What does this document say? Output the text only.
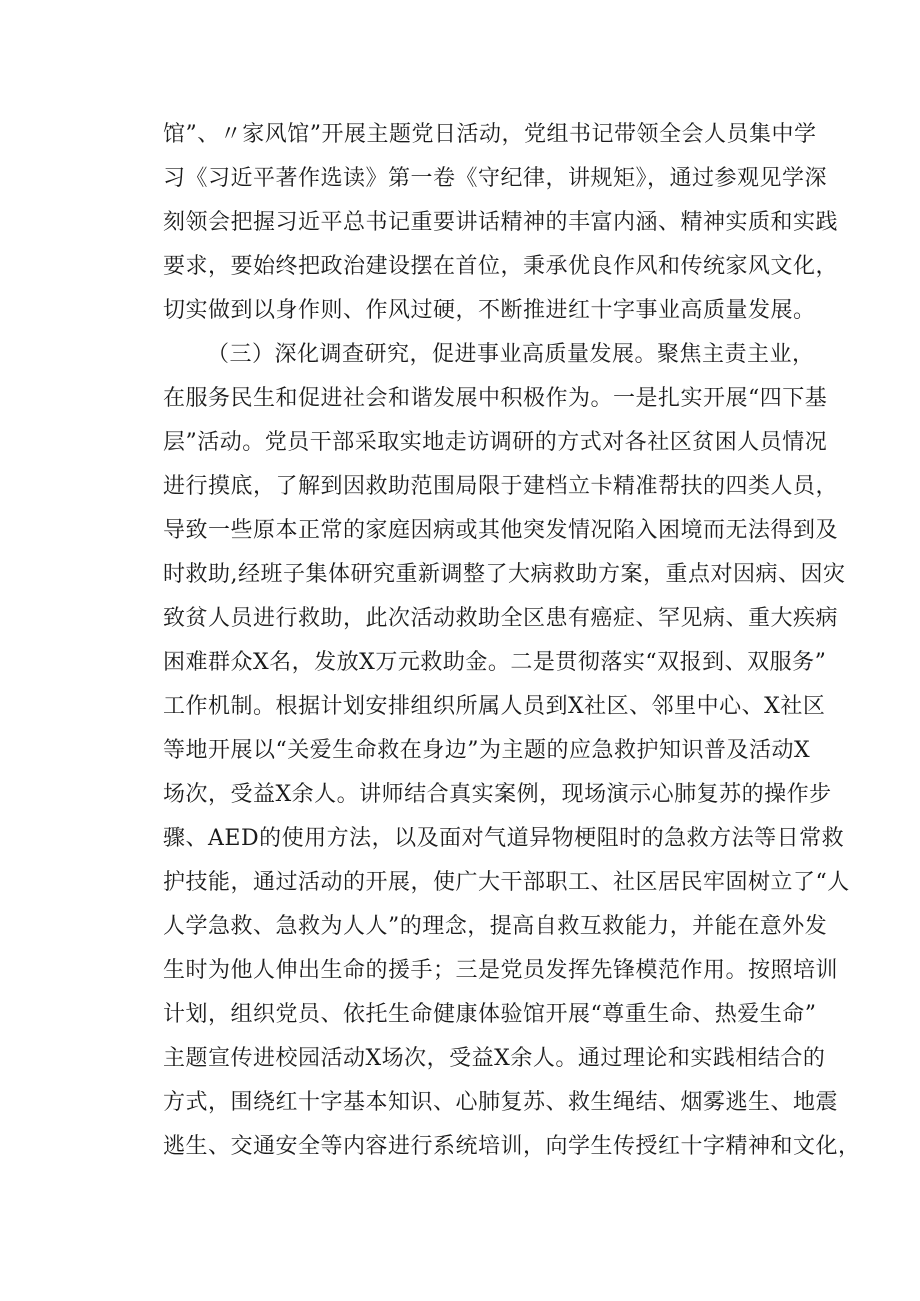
馆”、〃家风馆”开展主题党日活动，党组书记带领全会人员集中学
习《习近平著作选读》第一卷《守纪律，讲规矩》，通过参观见学深
刻领会把握习近平总书记重要讲话精神的丰富内涵、精神实质和实践
要求，要始终把政治建设摆在首位，秉承优良作风和传统家风文化，
切实做到以身作则、作风过硬，不断推进红十字事业高质量发展。
（三）深化调查研究，促进事业高质量发展。聚焦主责主业，
在服务民生和促进社会和谐发展中积极作为。一是扎实开展“四下基
层”活动。党员干部采取实地走访调研的方式对各社区贫困人员情况
进行摸底，了解到因救助范围局限于建档立卡精准帮扶的四类人员，
导致一些原本正常的家庭因病或其他突发情况陷入困境而无法得到及
时救助,经班子集体研究重新调整了大病救助方案，重点对因病、因灾
致贫人员进行救助，此次活动救助全区患有癌症、罕见病、重大疾病
困难群众X名，发放X万元救助金。二是贯彻落实“双报到、双服务”
工作机制。根据计划安排组织所属人员到X社区、邻里中心、X社区
等地开展以“关爱生命救在身边”为主题的应急救护知识普及活动X
场次，受益X余人。讲师结合真实案例，现场演示心肺复苏的操作步
骤、AED的使用方法，以及面对气道异物梗阻时的急救方法等日常救
护技能，通过活动的开展，使广大干部职工、社区居民牢固树立了“人
人学急救、急救为人人”的理念，提高自救互救能力，并能在意外发
生时为他人伸出生命的援手；三是党员发挥先锋模范作用。按照培训
计划，组织党员、依托生命健康体验馆开展“尊重生命、热爱生命”
主题宣传进校园活动X场次，受益X余人。通过理论和实践相结合的
方式，围绕红十字基本知识、心肺复苏、救生绳结、烟雾逃生、地震
逃生、交通安全等内容进行系统培训，向学生传授红十字精神和文化，
